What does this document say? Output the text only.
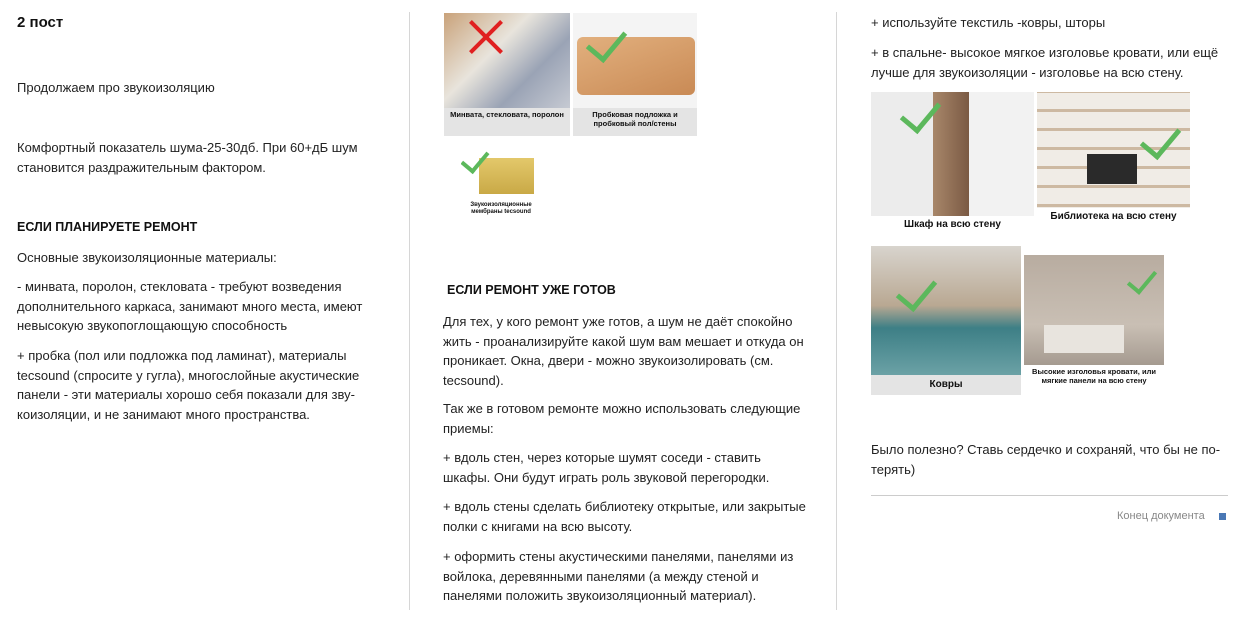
2 пост

Продолжаем про звукоизоляцию

Комфортный показатель шума-25-30дб. При 60+дБ шум становится раздражительным фактором.

ЕСЛИ ПЛАНИРУЕТЕ РЕМОНТ

Основные звукоизоляционные материалы:

- минвата, поролон, стекловата - требуют возведения дополнительного каркаса, занимают много места, имеют невысокую звукопоглощающую способность

+ пробка (пол или подложка под ламинат), материалы tecsound (спросите у гугла), многослойные акустические панели - эти материалы хорошо себя показали для звукоизоляции, и не занимают много пространства.

Минвата, стекловата, поролон	Пробковая подложка и пробковый пол/стены
Звукоизоляционные мембраны tecsound

ЕСЛИ РЕМОНТ УЖЕ ГОТОВ

Для тех, у кого ремонт уже готов, а шум не даёт спокойно жить - проанализируйте какой шум вам мешает и откуда он проникает. Окна, двери - можно звукоизолировать (см. tecsound).

Так же в готовом ремонте можно использовать следующие приемы:

+ вдоль стен, через которые шумят соседи - ставить шкафы. Они будут играть роль звуковой перегородки.

+ вдоль стены сделать библиотеку открытые, или закрытые полки с книгами на всю высоту.

+ оформить стены акустическими панелями, панелями из войлока, деревянными панелями (а между стеной и панелями положить звукоизоляционный материал).

+ используйте текстиль -ковры, шторы

+ в спальне- высокое мягкое изголовье кровати, или ещё лучше для звукоизоляции - изголовье на всю стену.

Шкаф на всю стену
Библиотека на всю стену
Ковры
Высокие изголовья кровати, или мягкие панели на всю стену

Было полезно? Ставь сердечко и сохраняй, что бы не потерять)

Конец документа
